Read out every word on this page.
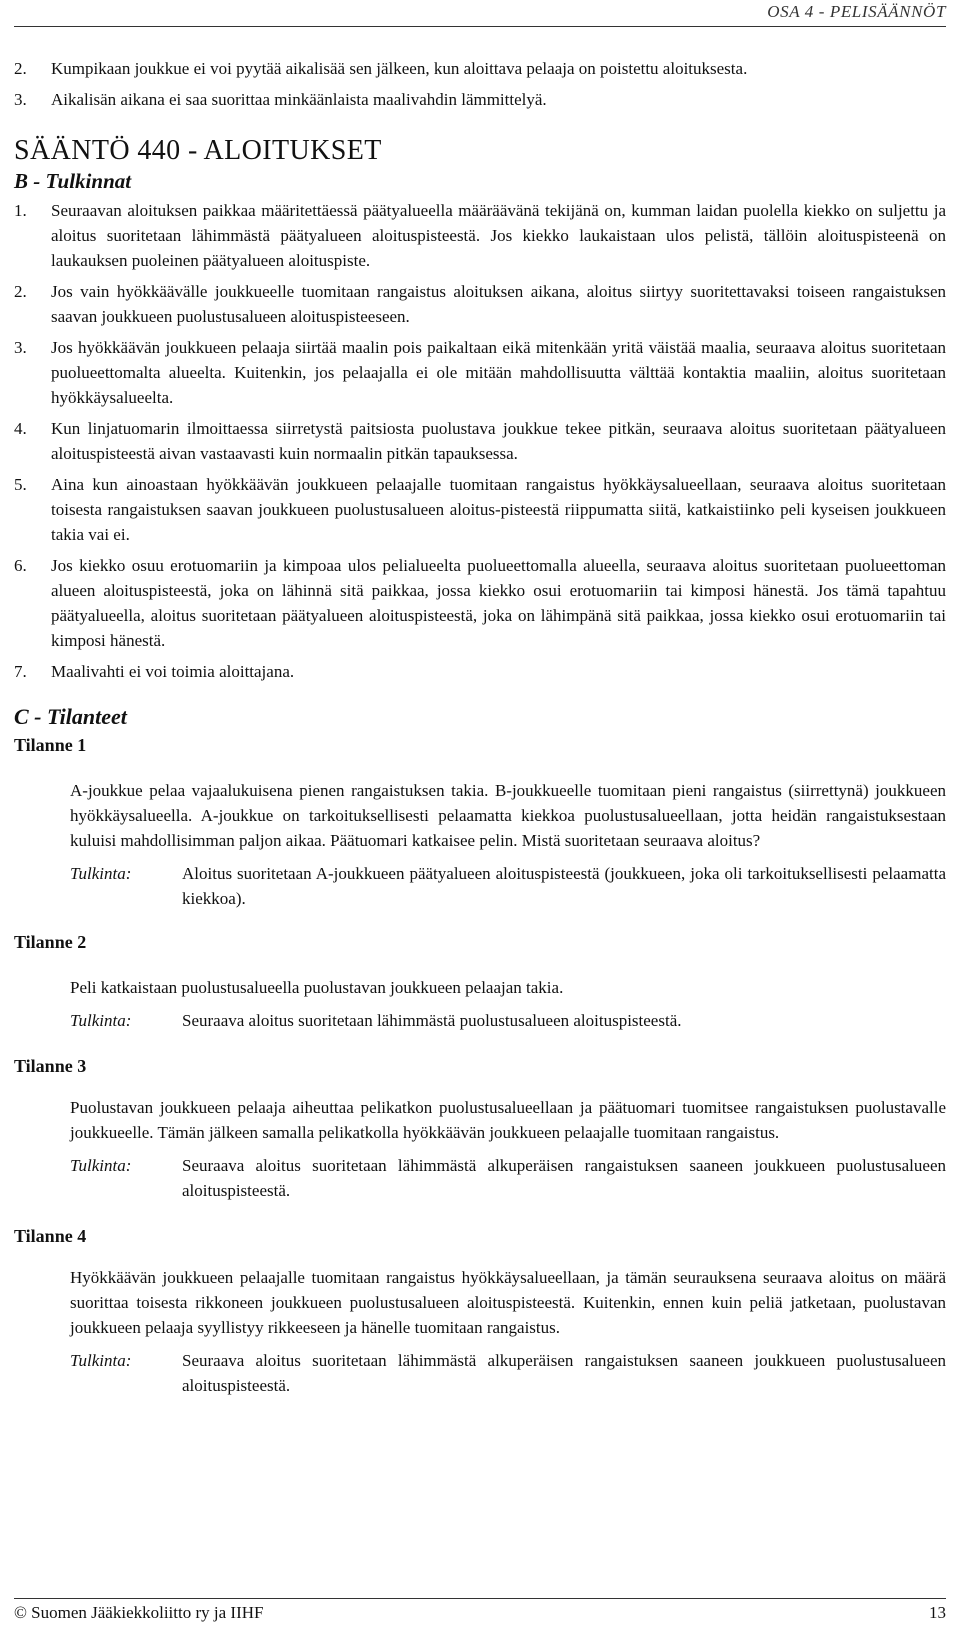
OSA 4 - PELISÄÄNNÖT
2. Kumpikaan joukkue ei voi pyytää aikalisää sen jälkeen, kun aloittava pelaaja on poistettu aloituksesta.
3. Aikalisän aikana ei saa suorittaa minkäänlaista maalivahdin lämmittelyä.
SÄÄNTÖ 440 - ALOITUKSET
B - Tulkinnat
1. Seuraavan aloituksen paikkaa määritettäessä päätyalueella määräävänä tekijänä on, kumman laidan puolella kiekko on suljettu ja aloitus suoritetaan lähimmästä päätyalueen aloituspisteestä. Jos kiekko laukaistaan ulos pelistä, tällöin aloituspisteenä on laukauksen puoleinen päätyalueen aloituspiste.
2. Jos vain hyökkäävälle joukkueelle tuomitaan rangaistus aloituksen aikana, aloitus siirtyy suoritettavaksi toiseen rangaistuksen saavan joukkueen puolustusalueen aloituspisteeseen.
3. Jos hyökkäävän joukkueen pelaaja siirtää maalin pois paikaltaan eikä mitenkään yritä väistää maalia, seuraava aloitus suoritetaan puolueettomalta alueelta. Kuitenkin, jos pelaajalla ei ole mitään mahdollisuutta välttää kontaktia maaliin, aloitus suoritetaan hyökkäysalueelta.
4. Kun linjatuomarin ilmoittaessa siirretystä paitsiosta puolustava joukkue tekee pitkän, seuraava aloitus suoritetaan päätyalueen aloituspisteestä aivan vastaavasti kuin normaalin pitkän tapauksessa.
5. Aina kun ainoastaan hyökkäävän joukkueen pelaajalle tuomitaan rangaistus hyökkäysalueellaan, seuraava aloitus suoritetaan toisesta rangaistuksen saavan joukkueen puolustusalueen aloitus-pisteestä riippumatta siitä, katkaistiinko peli kyseisen joukkueen takia vai ei.
6. Jos kiekko osuu erotuomariin ja kimpoaa ulos pelialueelta puolueettomalla alueella, seuraava aloitus suoritetaan puolueettoman alueen aloituspisteestä, joka on lähinnä sitä paikkaa, jossa kiekko osui erotuomariin tai kimposi hänestä. Jos tämä tapahtuu päätyalueella, aloitus suoritetaan päätyalueen aloituspisteestä, joka on lähimpänä sitä paikkaa, jossa kiekko osui erotuomariin tai kimposi hänestä.
7. Maalivahti ei voi toimia aloittajana.
C - Tilanteet
Tilanne 1

A-joukkue pelaa vajaalukuisena pienen rangaistuksen takia. B-joukkueelle tuomitaan pieni rangaistus (siirrettynä) joukkueen hyökkäysalueella. A-joukkue on tarkoituksellisesti pelaamatta kiekkoa puolustusalueellaan, jotta heidän rangaistuksestaan kuluisi mahdollisimman paljon aikaa. Päätuomari katkaisee pelin. Mistä suoritetaan seuraava aloitus?

Tulkinta:	Aloitus suoritetaan A-joukkueen päätyalueen aloituspisteestä (joukkueen, joka oli tarkoituksellisesti pelaamatta kiekkoa).
Tilanne 2

Peli katkaistaan puolustusalueella puolustavan joukkueen pelaajan takia.

Tulkinta:	Seuraava aloitus suoritetaan lähimmästä puolustusalueen aloituspisteestä.
Tilanne 3

Puolustavan joukkueen pelaaja aiheuttaa pelikatkon puolustusalueellaan ja päätuomari tuomitsee rangaistuksen puolustavalle joukkueelle. Tämän jälkeen samalla pelikatkolla hyökkäävän joukkueen pelaajalle tuomitaan rangaistus.

Tulkinta:	Seuraava aloitus suoritetaan lähimmästä alkuperäisen rangaistuksen saaneen joukkueen puolustusalueen aloituspisteestä.
Tilanne 4

Hyökkäävän joukkueen pelaajalle tuomitaan rangaistus hyökkäysalueellaan, ja tämän seurauksena seuraava aloitus on määrä suorittaa toisesta rikkoneen joukkueen puolustusalueen aloituspisteestä. Kuitenkin, ennen kuin peliä jatketaan, puolustavan joukkueen pelaaja syyllistyy rikkeeseen ja hänelle tuomitaan rangaistus.

Tulkinta:	Seuraava aloitus suoritetaan lähimmästä alkuperäisen rangaistuksen saaneen joukkueen puolustusalueen aloituspisteestä.
© Suomen Jääkiekkoliitto ry ja IIHF	13
